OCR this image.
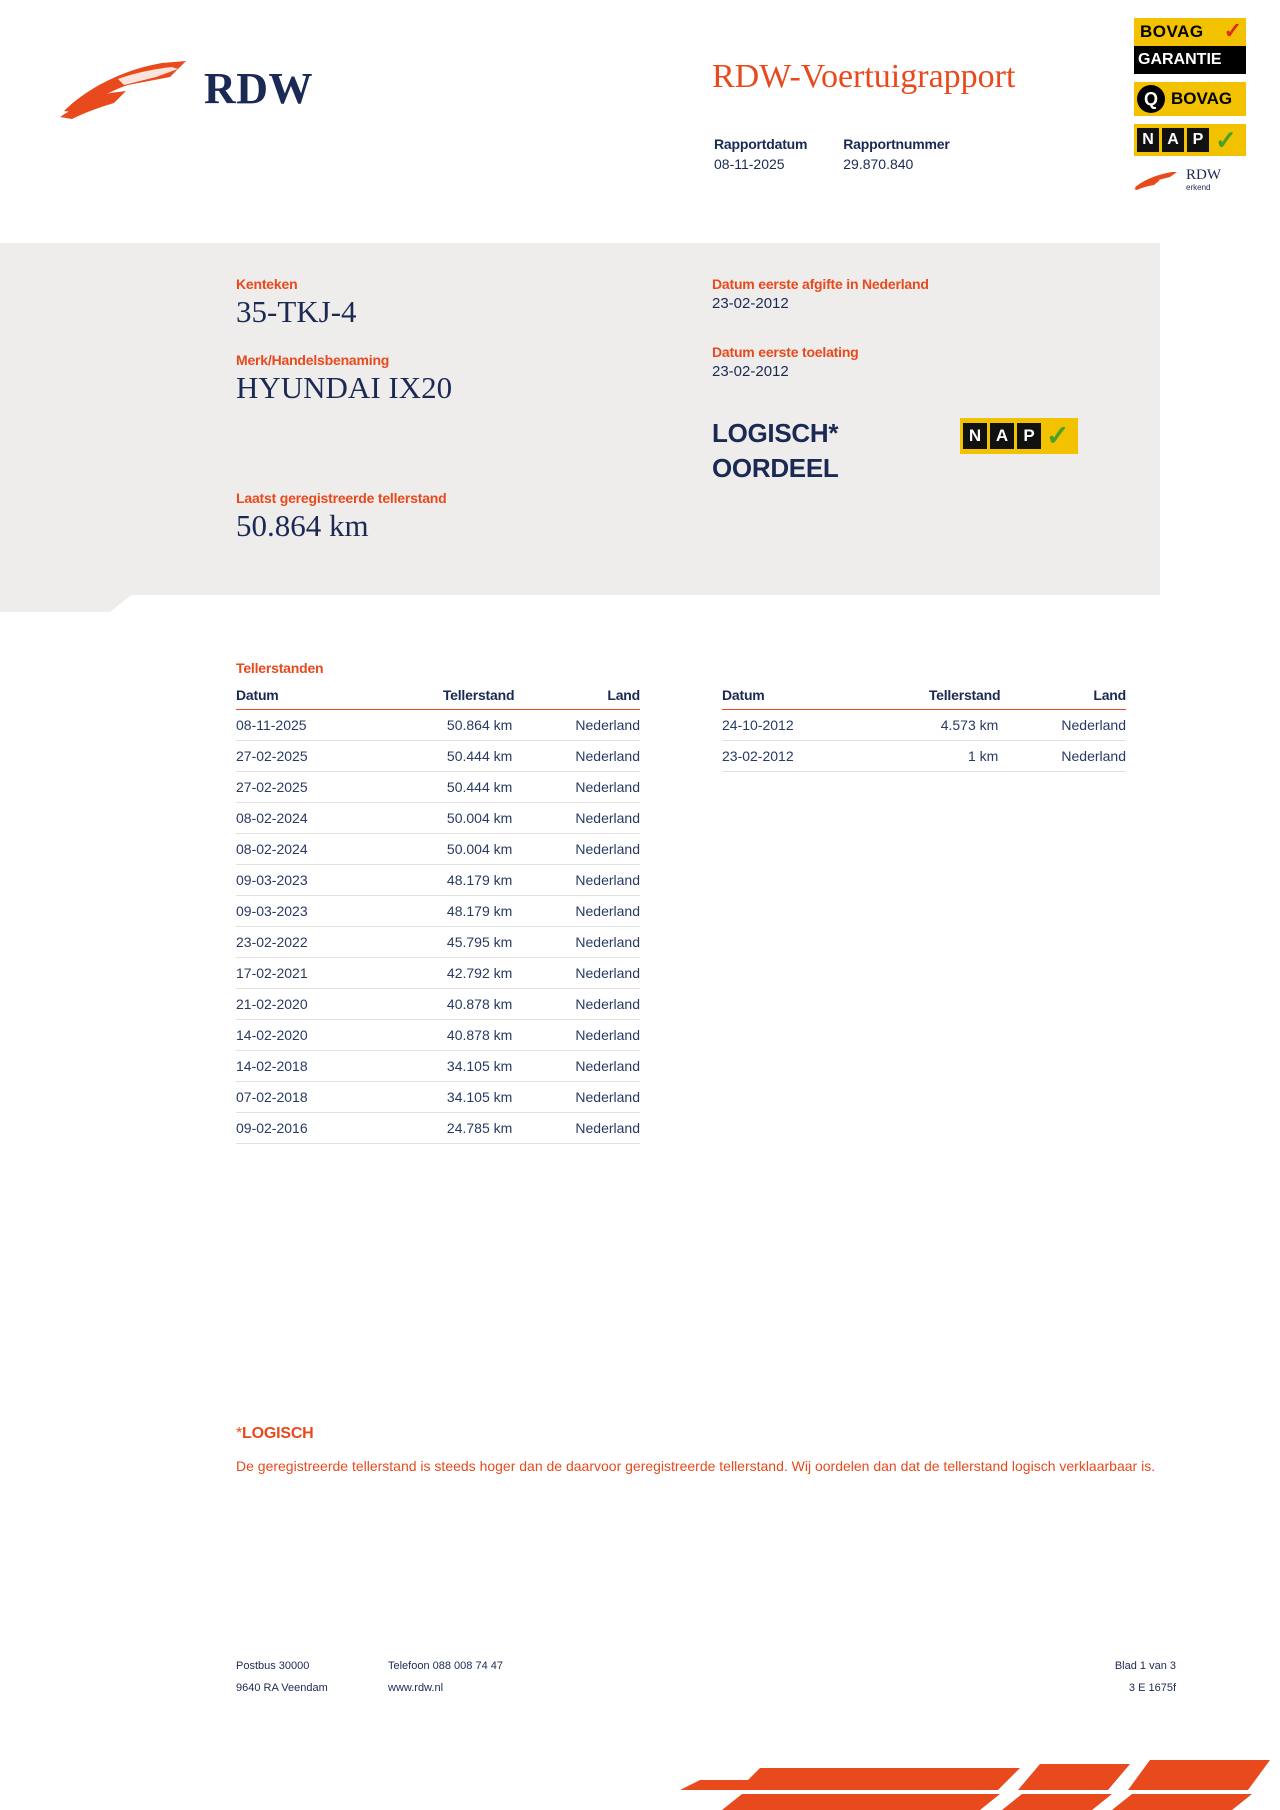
RDW	RDW-Voertuigrapport
Rapportdatum
08-11-2025
Rapportnummer
29.870.840
BOVAG
GARANTIE
✓
Q BOVAG
N A P ✓
RDW
erkend
Kenteken
35-TKJ-4
Merk/Handelsbenaming
HYUNDAI IX20
Laatst geregistreerde tellerstand
50.864 km
Datum eerste afgifte in Nederland
23-02-2012
Datum eerste toelating
23-02-2012
LOGISCH*
OORDEEL
N A P ✓
Tellerstanden
Datum	Tellerstand	Land
08-11-2025	50.864 km	Nederland
27-02-2025	50.444 km	Nederland
27-02-2025	50.444 km	Nederland
08-02-2024	50.004 km	Nederland
08-02-2024	50.004 km	Nederland
09-03-2023	48.179 km	Nederland
09-03-2023	48.179 km	Nederland
23-02-2022	45.795 km	Nederland
17-02-2021	42.792 km	Nederland
21-02-2020	40.878 km	Nederland
14-02-2020	40.878 km	Nederland
14-02-2018	34.105 km	Nederland
07-02-2018	34.105 km	Nederland
09-02-2016	24.785 km	Nederland
Datum	Tellerstand	Land
24-10-2012	4.573 km	Nederland
23-02-2012	1 km	Nederland
*LOGISCH
De geregistreerde tellerstand is steeds hoger dan de daarvoor geregistreerde tellerstand. Wij oordelen dan dat de tellerstand logisch verklaarbaar is.
Postbus 30000	Telefoon 088 008 74 47	Blad 1 van 3
9640 RA Veendam	www.rdw.nl	3 E 1675f
